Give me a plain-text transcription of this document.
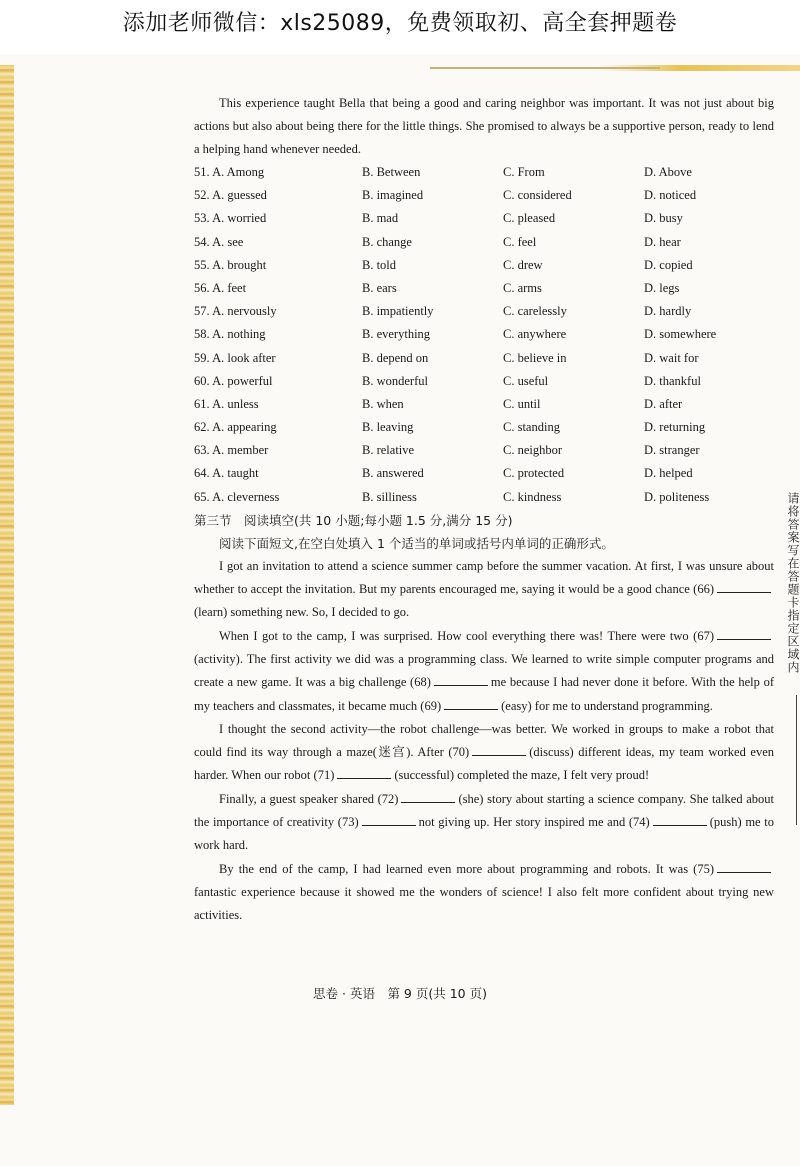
添加老师微信：xls25089，免费领取初、高全套押题卷
请将答案写在答题卡指定区域内

This experience taught Bella that being a good and caring neighbor was important. It was not just about big actions but also about being there for the little things. She promised to always be a supportive person, ready to lend a helping hand whenever needed.

51. A. Among	B. Between	C. From	D. Above
52. A. guessed	B. imagined	C. considered	D. noticed
53. A. worried	B. mad	C. pleased	D. busy
54. A. see	B. change	C. feel	D. hear
55. A. brought	B. told	C. drew	D. copied
56. A. feet	B. ears	C. arms	D. legs
57. A. nervously	B. impatiently	C. carelessly	D. hardly
58. A. nothing	B. everything	C. anywhere	D. somewhere
59. A. look after	B. depend on	C. believe in	D. wait for
60. A. powerful	B. wonderful	C. useful	D. thankful
61. A. unless	B. when	C. until	D. after
62. A. appearing	B. leaving	C. standing	D. returning
63. A. member	B. relative	C. neighbor	D. stranger
64. A. taught	B. answered	C. protected	D. helped
65. A. cleverness	B. silliness	C. kindness	D. politeness

第三节　阅读填空(共 10 小题;每小题 1.5 分,满分 15 分)

阅读下面短文,在空白处填入 1 个适当的单词或括号内单词的正确形式。

I got an invitation to attend a science summer camp before the summer vacation. At first, I was unsure about whether to accept the invitation. But my parents encouraged me, saying it would be a good chance (66)(learn) something new. So, I decided to go.

When I got to the camp, I was surprised. How cool everything there was! There were two (67)(activity). The first activity we did was a programming class. We learned to write simple computer programs and create a new game. It was a big challenge (68)	me because I had never done it before. With the help of my teachers and classmates, it became much (69)	(easy) for me to understand programming.

I thought the second activity—the robot challenge—was better. We worked in groups to make a robot that could find its way through a maze(迷宫). After (70)	(discuss) different ideas, my team worked even harder. When our robot (71)	(successful) completed the maze, I felt very proud!

Finally, a guest speaker shared (72)	(she) story about starting a science company. She talked about the importance of creativity (73)	not giving up. Her story inspired me and (74)	(push) me to work hard.

By the end of the camp, I had learned even more about programming and robots. It was (75)fantastic experience because it showed me the wonders of science! I also felt more confident about trying new activities.

思卷 · 英语　第 9 页(共 10 页)
